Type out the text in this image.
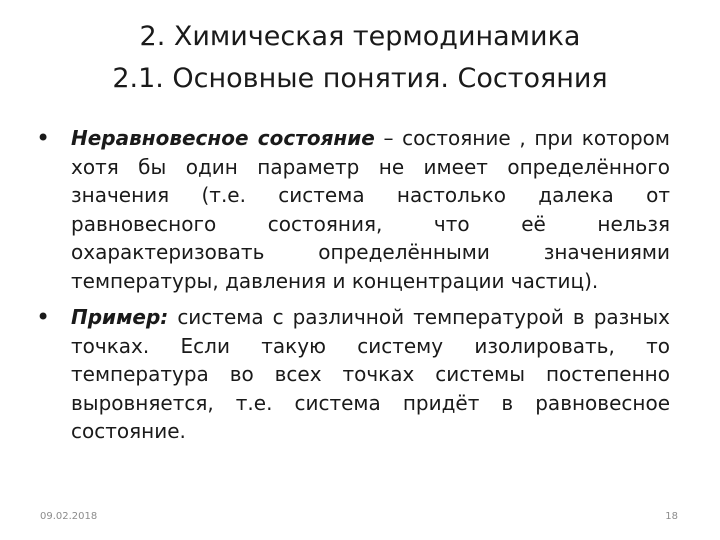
2. Химическая термодинамика
2.1. Основные понятия. Состояния
• Неравновесное состояние – состояние , при котором хотя бы один параметр не имеет определённого значения (т.е. система настолько далека от равновесного состояния, что её нельзя охарактеризовать определёнными значениями температуры, давления и концентрации частиц).
• Пример: система с различной температурой в разных точках. Если такую систему изолировать, то температура во всех точках системы постепенно выровняется, т.е. система придёт в равновесное состояние.
09.02.2018	18
